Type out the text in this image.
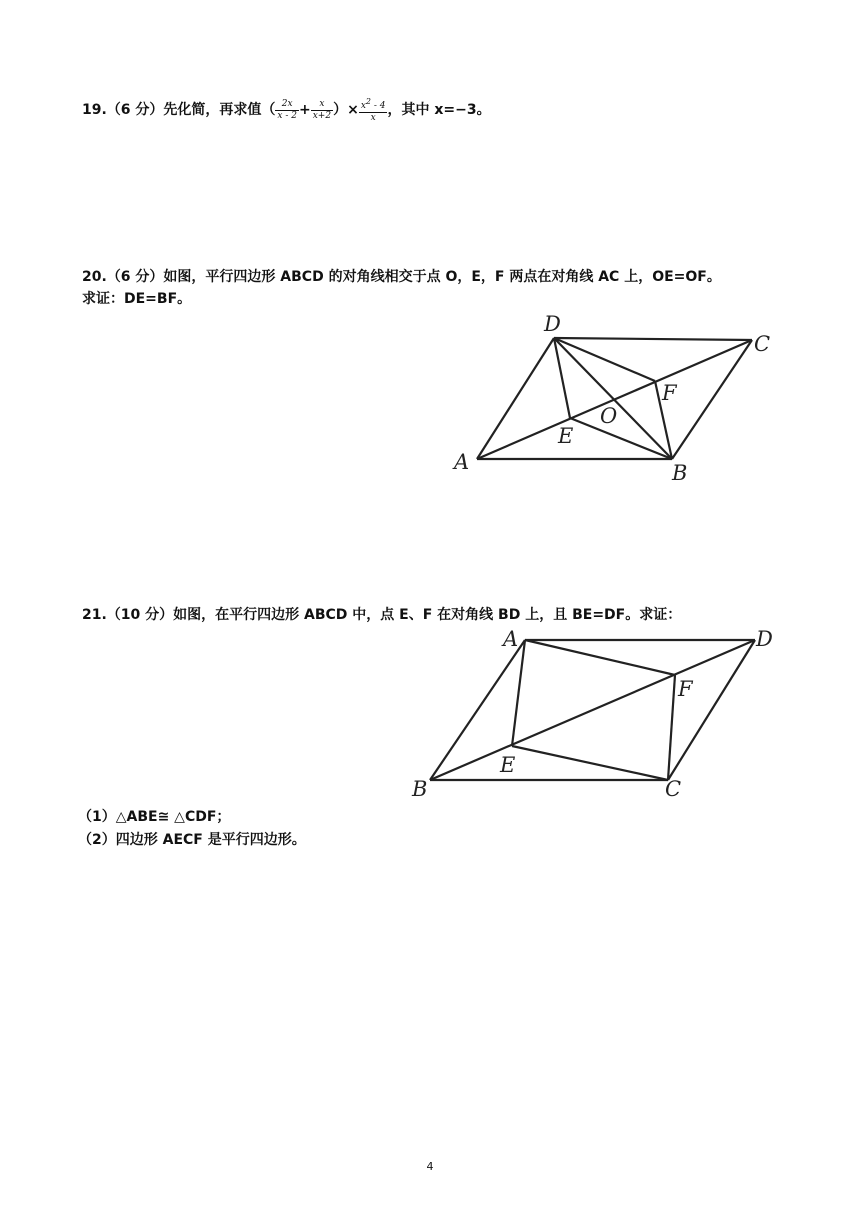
19.（6 分）先化简，再求值（ $\frac{2x}{x - 2} + \frac{x}{x+2}$ ）× $\frac{x2 - 4}{x}$ ，其中 x=−3。
20.（6 分）如图，平行四边形 ABCD 的对角线相交于点 O，E，F 两点在对角线 AC 上，OE=OF。
求证：DE=BF。
D
C
F
O
E
A	B
21.（10 分）如图，在平行四边形 ABCD 中，点 E、F 在对角线 BD 上，且 BE=DF。求证：
A	D
F
E
B	C
（1）△ABE≅ △CDF；
（2）四边形 AECF 是平行四边形。
4
